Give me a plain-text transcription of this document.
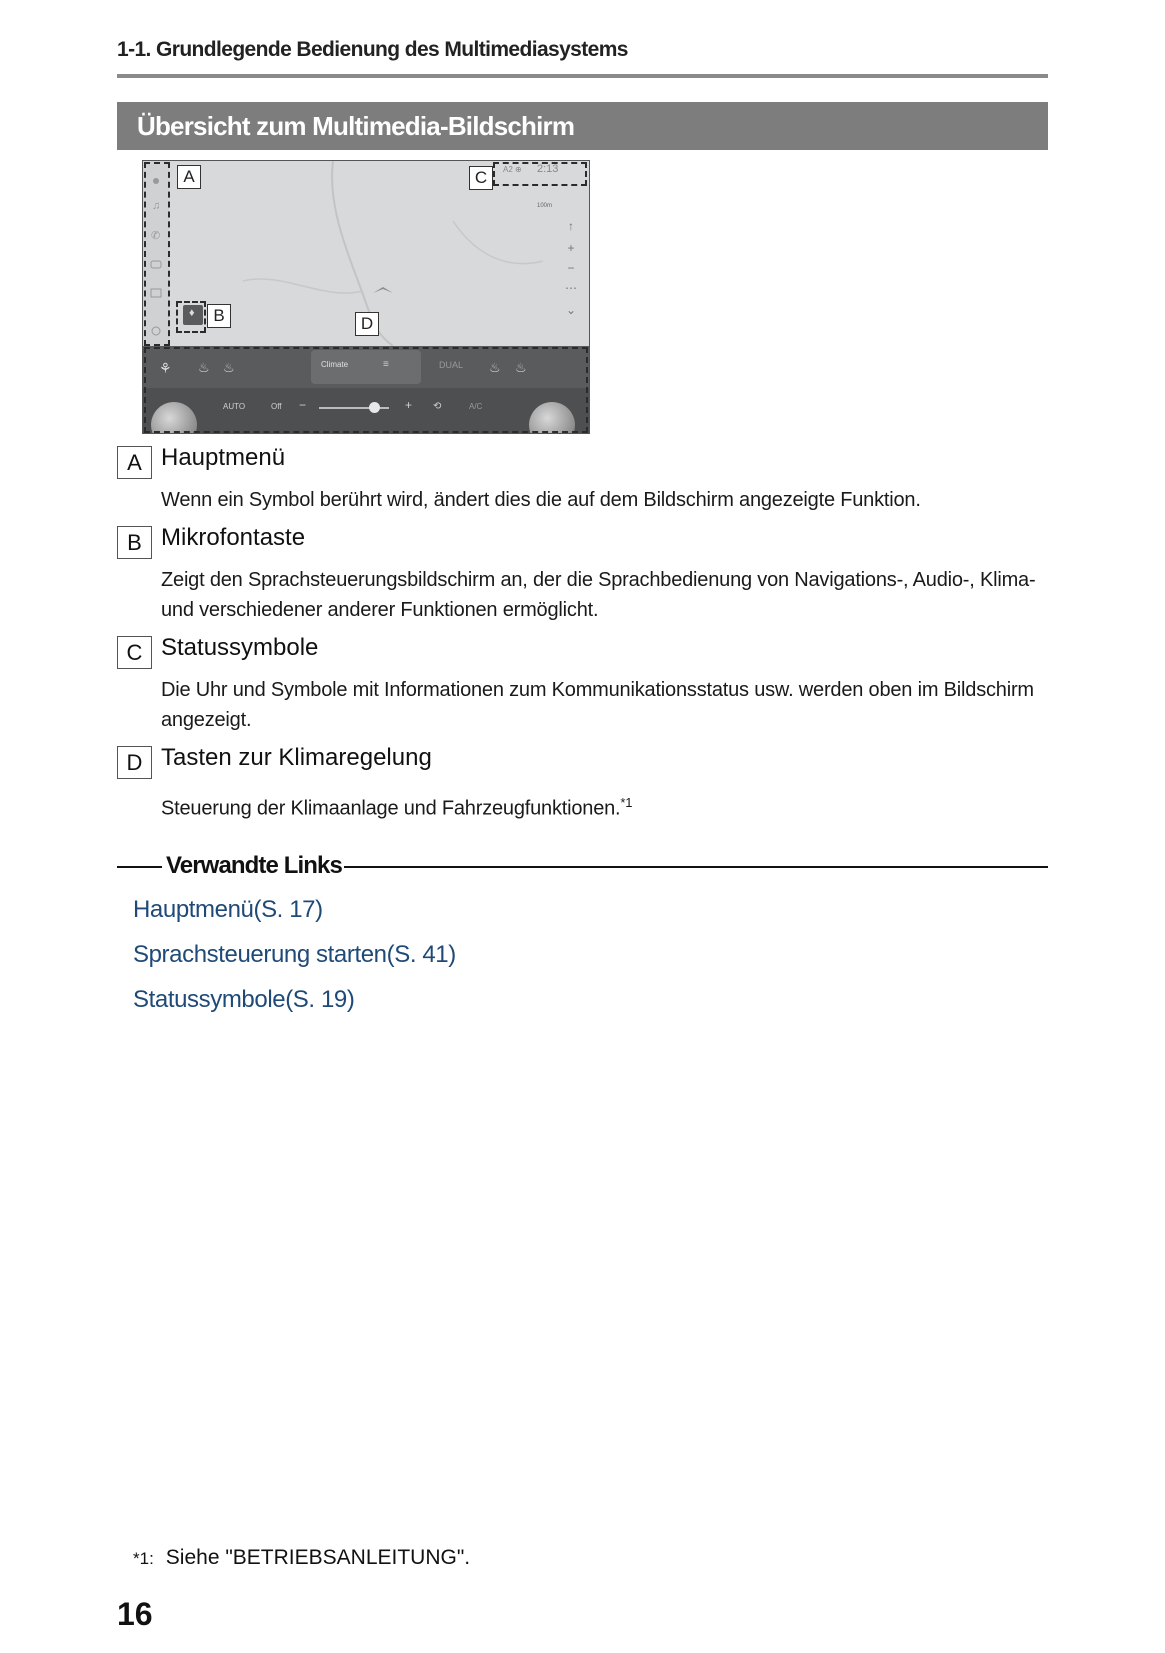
1-1. Grundlegende Bedienung des Multimediasystems
Übersicht zum Multimedia-Bildschirm
♫
✆
♦
A2 ⊕ 2:13
100m
↑
+
−
⋯
⌄
⚘ ♨ ♨	Climate	≡	DUAL ♨ ♨
AUTO	Off −	+ ⟲	A/C
A
B
C
D
A Hauptmenü
Wenn ein Symbol berührt wird, ändert dies die auf dem Bildschirm angezeigte Funktion.
B Mikrofontaste
Zeigt den Sprachsteuerungsbildschirm an, der die Sprachbedienung von Navigations-, Audio-, Klima- und verschiedener anderer Funktionen ermöglicht.
C Statussymbole
Die Uhr und Symbole mit Informationen zum Kommunikationsstatus usw. werden oben im Bildschirm angezeigt.
D Tasten zur Klimaregelung
Steuerung der Klimaanlage und Fahrzeugfunktionen.$^{*1}$
Verwandte Links
Hauptmenü(S. 17)
Sprachsteuerung starten(S. 41)
Statussymbole(S. 19)
*1: Siehe "BETRIEBSANLEITUNG".
16
